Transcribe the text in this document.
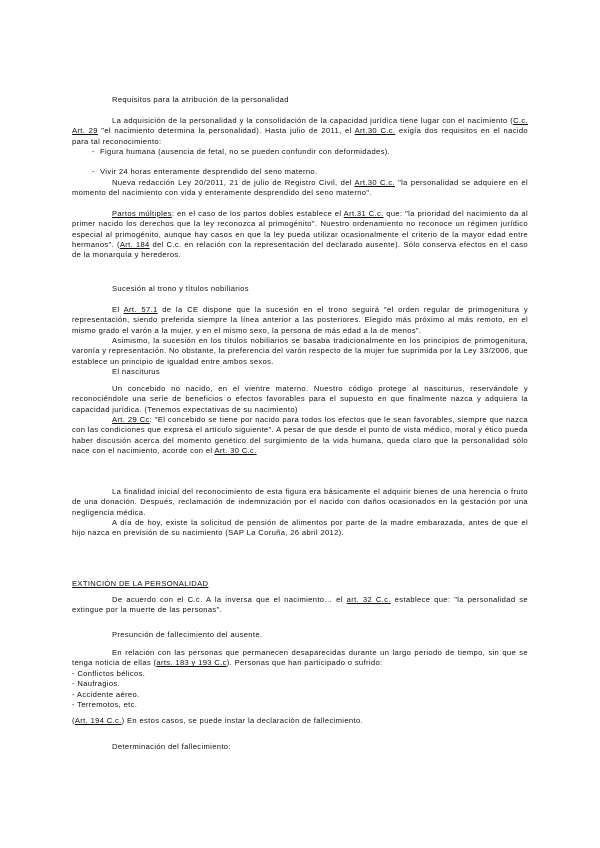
Requisitos para la atribución de la personalidad
La adquisición de la personalidad y la consolidación de la capacidad jurídica tiene lugar con el nacimiento (C.c. Art. 29 "el nacimiento determina la personalidad). Hasta julio de 2011, el Art.30 C.c. exigía dos requisitos en el nacido para tal reconocimiento:
- Figura humana (ausencia de fetal, no se pueden confundir con deformidades).
- Vivir 24 horas enteramente desprendido del seno materno.
Nueva redacción Ley 20/2011, 21 de julio de Registro Civil, del Art.30 C.c. "la personalidad se adquiere en el momento del nacimiento con vida y enteramente desprendido del seno materno".
Partos múltiples: en el caso de los partos dobles establece el Art.31 C.c. que: "la prioridad del nacimiento da al primer nacido los derechos que la ley reconozca al primogénito". Nuestro ordenamiento no reconoce un régimen jurídico especial al primogénito, aunque hay casos en que la ley pueda utilizar ocasionalmente el criterio de la mayor edad entre hermanos". (Art. 184 del C.c. en relación con la representación del declarado ausente). Sólo conserva efectos en el caso de la monarquía y herederos.
Sucesión al trono y títulos nobiliarios
El Art. 57.1 de la CE dispone que la sucesión en el trono seguirá "el orden regular de primogenitura y representación, siendo preferida siempre la línea anterior a las posteriores. Elegido más próximo al más remoto, en el mismo grado el varón a la mujer, y en el mismo sexo, la persona de más edad a la de menos".
Asimismo, la sucesión en los títulos nobiliarios se basaba tradicionalmente en los principios de primogenitura, varonía y representación. No obstante, la preferencia del varón respecto de la mujer fue suprimida por la Ley 33/2006, que establece un principio de igualdad entre ambos sexos.
El nasciturus
Un concebido no nacido, en el vientre materno. Nuestro código protege al nasciturus, reservándole y reconociéndole una serie de beneficios o efectos favorables para el supuesto en que finalmente nazca y adquiera la capacidad jurídica. (Tenemos expectativas de su nacimiento)
Art. 29 Cc: "El concebido se tiene por nacido para todos los efectos que le sean favorables, siempre que nazca con las condiciones que expresa el artículo siguiente". A pesar de que desde el punto de vista médico, moral y ético pueda haber discusión acerca del momento genético del surgimiento de la vida humana, queda claro que la personalidad sólo nace con el nacimiento, acorde con el Art. 30 C.c.
La finalidad inicial del reconocimiento de esta figura era básicamente el adquirir bienes de una herencia o fruto de una donación. Después, reclamación de indemnización por el nacido con daños ocasionados en la gestación por una negligencia médica.
A día de hoy, existe la solicitud de pensión de alimentos por parte de la madre embarazada, antes de que el hijo nazca en previsión de su nacimiento (SAP La Coruña, 26 abril 2012).
EXTINCIÓN DE LA PERSONALIDAD
De acuerdo con el C.c. A la inversa que el nacimiento… el art. 32 C.c. establece que: "la personalidad se extingue por la muerte de las personas".
Presunción de fallecimiento del ausente.
En relación con las personas que permanecen desaparecidas durante un largo periodo de tiempo, sin que se tenga noticia de ellas (arts. 183 y 193 C.c). Personas que han participado o sufrido:

- Conflictos bélicos.

- Naufragios.

- Accidente aéreo.

- Terremotos, etc.

(Art. 194 C.c.) En estos casos, se puede instar la declaración de fallecimiento.
Determinación del fallecimiento:
